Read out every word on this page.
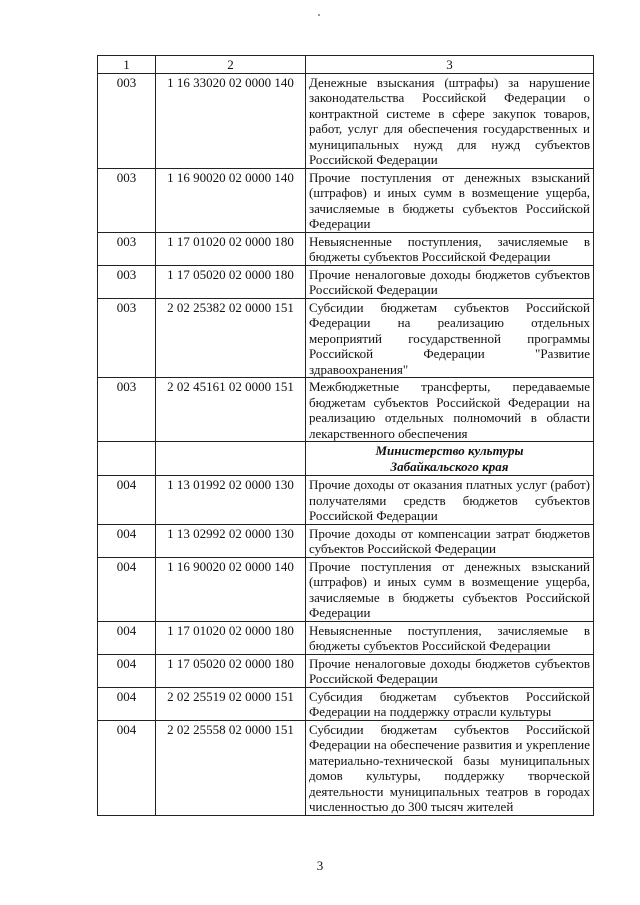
1	2	3
003	1 16 33020 02 0000 140	Денежные взыскания (штрафы) за нарушение законодательства Российской Федерации о контрактной системе в сфере закупок товаров, работ, услуг для обеспечения государственных и муниципальных нужд для нужд субъектов Российской Федерации
003	1 16 90020 02 0000 140	Прочие поступления от денежных взысканий (штрафов) и иных сумм в возмещение ущерба, зачисляемые в бюджеты субъектов Российской Федерации
003	1 17 01020 02 0000 180	Невыясненные поступления, зачисляемые в бюджеты субъектов Российской Федерации
003	1 17 05020 02 0000 180	Прочие неналоговые доходы бюджетов субъектов Российской Федерации
003	2 02 25382 02 0000 151	Субсидии бюджетам субъектов Российской Федерации на реализацию отдельных мероприятий государственной программы Российской Федерации "Развитие здравоохранения"
003	2 02 45161 02 0000 151	Межбюджетные трансферты, передаваемые бюджетам субъектов Российской Федерации на реализацию отдельных полномочий в области лекарственного обеспечения

		Министерство культуры
Забайкальского края

004	1 13 01992 02 0000 130	Прочие доходы от оказания платных услуг (работ) получателями средств бюджетов субъектов Российской Федерации
004	1 13 02992 02 0000 130	Прочие доходы от компенсации затрат бюджетов субъектов Российской Федерации
004	1 16 90020 02 0000 140	Прочие поступления от денежных взысканий (штрафов) и иных сумм в возмещение ущерба, зачисляемые в бюджеты субъектов Российской Федерации
004	1 17 01020 02 0000 180	Невыясненные поступления, зачисляемые в бюджеты субъектов Российской Федерации
004	1 17 05020 02 0000 180	Прочие неналоговые доходы бюджетов субъектов Российской Федерации
004	2 02 25519 02 0000 151	Субсидия бюджетам субъектов Российской Федерации на поддержку отрасли культуры
004	2 02 25558 02 0000 151	Субсидии бюджетам субъектов Российской Федерации на обеспечение развития и укрепление материально-технической базы муниципальных домов культуры, поддержку творческой деятельности муниципальных театров в городах численностью до 300 тысяч жителей
3
